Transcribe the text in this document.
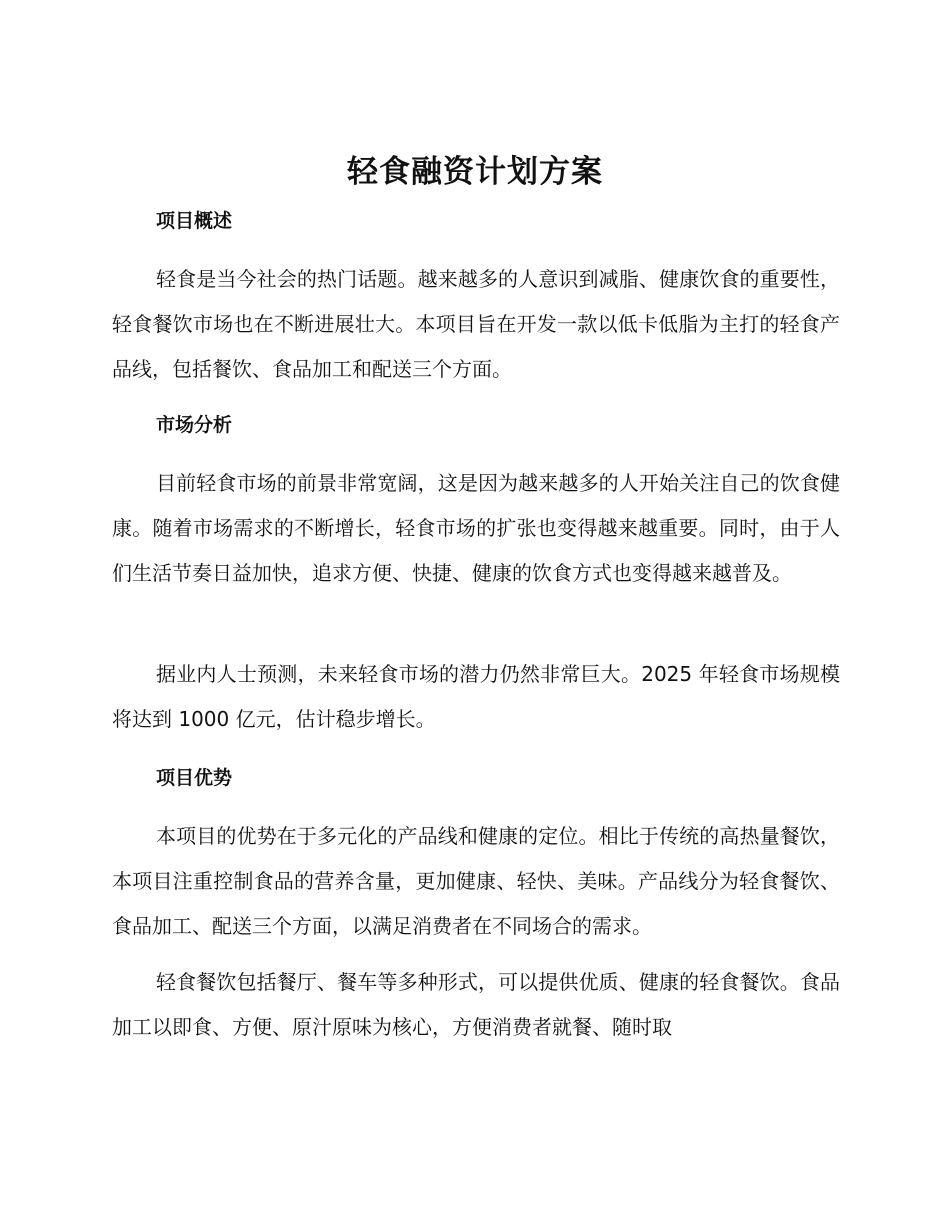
轻食融资计划方案
项目概述

轻食是当今社会的热门话题。越来越多的人意识到减脂、健康饮食的重要性，轻食餐饮市场也在不断进展壮大。本项目旨在开发一款以低卡低脂为主打的轻食产品线，包括餐饮、食品加工和配送三个方面。

市场分析

目前轻食市场的前景非常宽阔，这是因为越来越多的人开始关注自己的饮食健康。随着市场需求的不断增长，轻食市场的扩张也变得越来越重要。同时，由于人们生活节奏日益加快，追求方便、快捷、健康的饮食方式也变得越来越普及。

据业内人士预测，未来轻食市场的潜力仍然非常巨大。2025 年轻食市场规模将达到 1000 亿元，估计稳步增长。

项目优势

本项目的优势在于多元化的产品线和健康的定位。相比于传统的高热量餐饮，本项目注重控制食品的营养含量，更加健康、轻快、美味。产品线分为轻食餐饮、食品加工、配送三个方面，以满足消费者在不同场合的需求。

轻食餐饮包括餐厅、餐车等多种形式，可以提供优质、健康的轻食餐饮。食品加工以即食、方便、原汁原味为核心，方便消费者就餐、随时取
